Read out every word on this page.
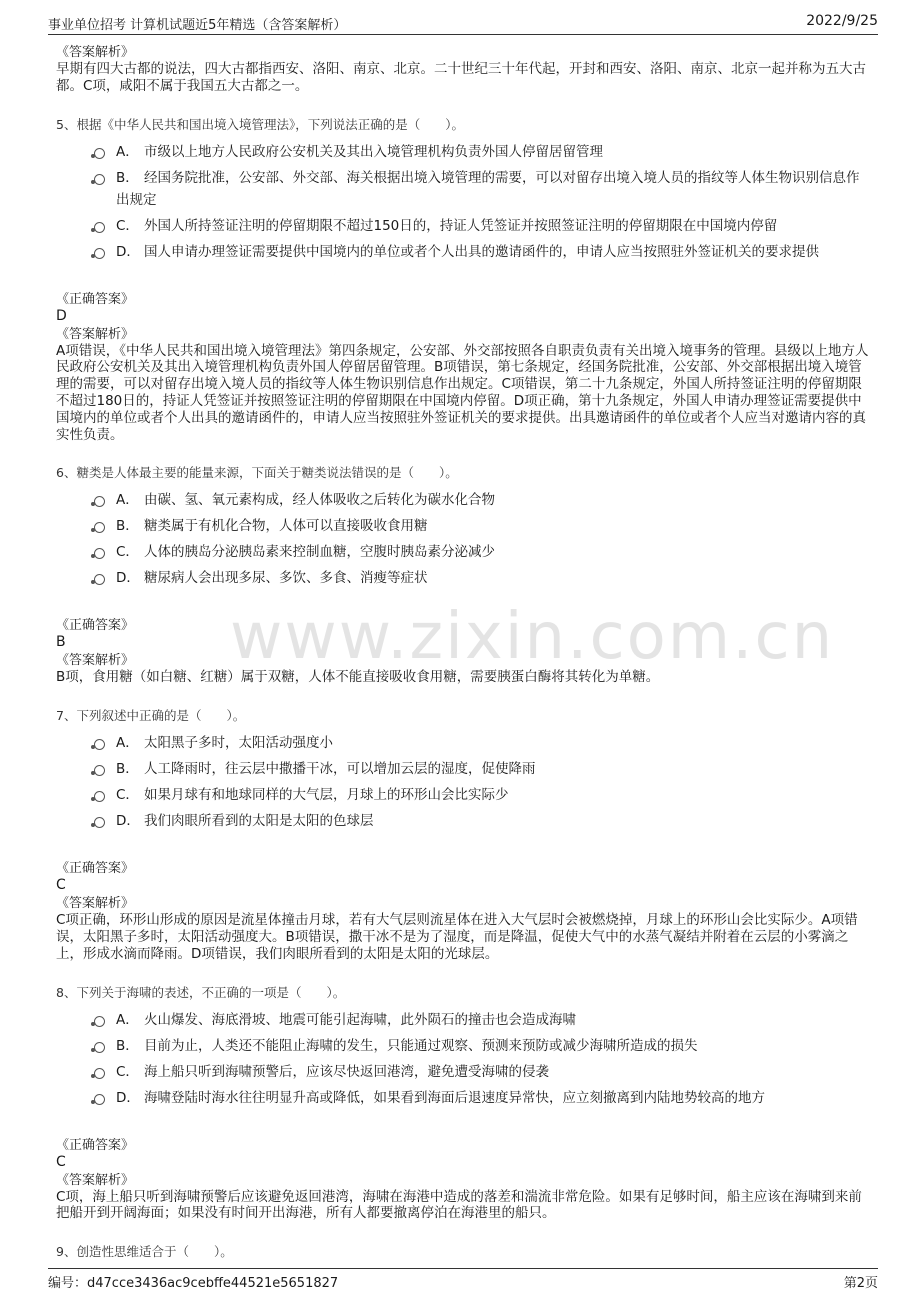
事业单位招考 计算机试题近5年精选（含答案解析）	2022/9/25
www.zixin.com.cn
《答案解析》
早期有四大古都的说法，四大古都指西安、洛阳、南京、北京。二十世纪三十年代起，开封和西安、洛阳、南京、北京一起并称为五大古都。C项，咸阳不属于我国五大古都之一。
5、根据《中华人民共和国出境入境管理法》，下列说法正确的是（　　）。
A． 市级以上地方人民政府公安机关及其出入境管理机构负责外国人停留居留管理
B． 经国务院批准，公安部、外交部、海关根据出境入境管理的需要，可以对留存出境入境人员的指纹等人体生物识别信息作出规定
C． 外国人所持签证注明的停留期限不超过150日的，持证人凭签证并按照签证注明的停留期限在中国境内停留
D． 国人申请办理签证需要提供中国境内的单位或者个人出具的邀请函件的，申请人应当按照驻外签证机关的要求提供
《正确答案》
D
《答案解析》
A项错误，《中华人民共和国出境入境管理法》第四条规定，公安部、外交部按照各自职责负责有关出境入境事务的管理。县级以上地方人民政府公安机关及其出入境管理机构负责外国人停留居留管理。B项错误，第七条规定，经国务院批准，公安部、外交部根据出境入境管理的需要，可以对留存出境入境人员的指纹等人体生物识别信息作出规定。C项错误，第二十九条规定，外国人所持签证注明的停留期限不超过180日的，持证人凭签证并按照签证注明的停留期限在中国境内停留。D项正确，第十九条规定，外国人申请办理签证需要提供中国境内的单位或者个人出具的邀请函件的，申请人应当按照驻外签证机关的要求提供。出具邀请函件的单位或者个人应当对邀请内容的真实性负责。
6、糖类是人体最主要的能量来源，下面关于糖类说法错误的是（　　）。
A． 由碳、氢、氧元素构成，经人体吸收之后转化为碳水化合物
B． 糖类属于有机化合物，人体可以直接吸收食用糖
C． 人体的胰岛分泌胰岛素来控制血糖，空腹时胰岛素分泌减少
D． 糖尿病人会出现多尿、多饮、多食、消瘦等症状
《正确答案》
B
《答案解析》
B项，食用糖（如白糖、红糖）属于双糖，人体不能直接吸收食用糖，需要胰蛋白酶将其转化为单糖。
7、下列叙述中正确的是（　　）。
A． 太阳黑子多时，太阳活动强度小
B． 人工降雨时，往云层中撒播干冰，可以增加云层的湿度，促使降雨
C． 如果月球有和地球同样的大气层，月球上的环形山会比实际少
D． 我们肉眼所看到的太阳是太阳的色球层
《正确答案》
C
《答案解析》
C项正确，环形山形成的原因是流星体撞击月球，若有大气层则流星体在进入大气层时会被燃烧掉，月球上的环形山会比实际少。A项错误，太阳黑子多时，太阳活动强度大。B项错误，撒干冰不是为了湿度，而是降温，促使大气中的水蒸气凝结并附着在云层的小雾滴之上，形成水滴而降雨。D项错误，我们肉眼所看到的太阳是太阳的光球层。
8、下列关于海啸的表述，不正确的一项是（　　）。
A． 火山爆发、海底滑坡、地震可能引起海啸，此外陨石的撞击也会造成海啸
B． 目前为止，人类还不能阻止海啸的发生，只能通过观察、预测来预防或减少海啸所造成的损失
C． 海上船只听到海啸预警后，应该尽快返回港湾，避免遭受海啸的侵袭
D． 海啸登陆时海水往往明显升高或降低，如果看到海面后退速度异常快，应立刻撤离到内陆地势较高的地方
《正确答案》
C
《答案解析》
C项，海上船只听到海啸预警后应该避免返回港湾，海啸在海港中造成的落差和湍流非常危险。如果有足够时间，船主应该在海啸到来前把船开到开阔海面；如果没有时间开出海港，所有人都要撤离停泊在海港里的船只。
9、创造性思维适合于（　　）。
编号：d47cce3436ac9cebffe44521e5651827	第2页
